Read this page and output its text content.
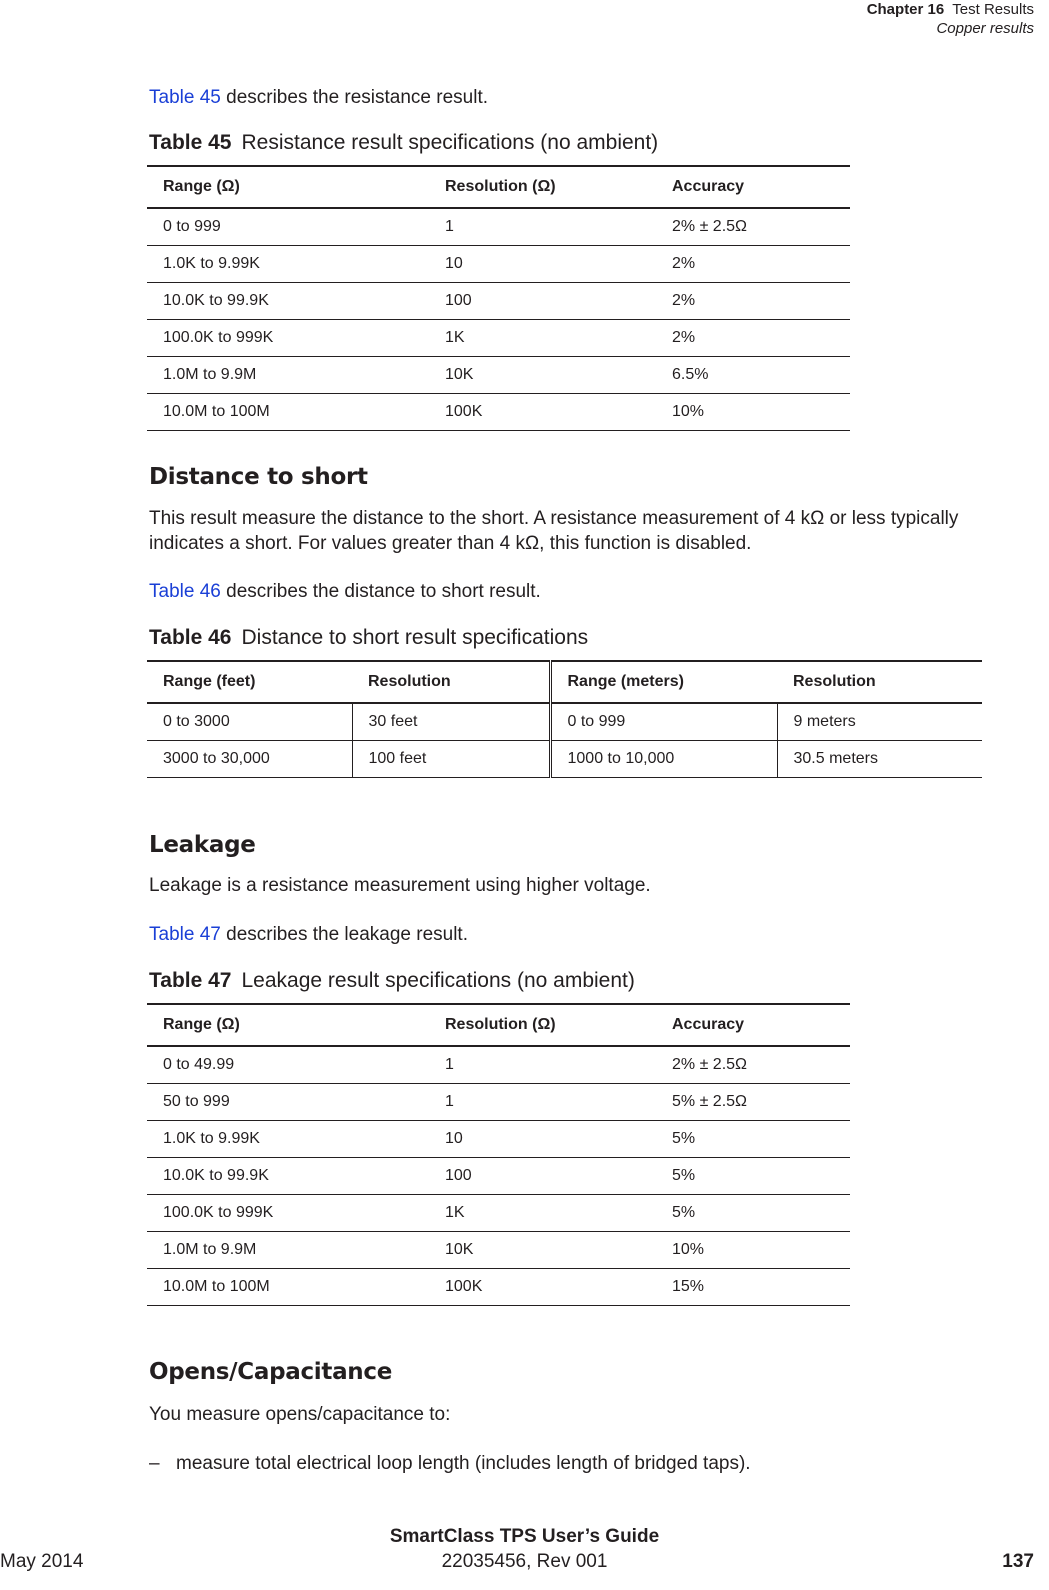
Chapter 16 Test Results
Copper results
Table 45 describes the resistance result.
Table 45 Resistance result specifications (no ambient)
Range (Ω)	Resolution (Ω)	Accuracy
0 to 999	1	2% ± 2.5Ω
1.0K to 9.99K	10	2%
10.0K to 99.9K	100	2%
100.0K to 999K	1K	2%
1.0M to 9.9M	10K	6.5%
10.0M to 100M	100K	10%
Distance to short
This result measure the distance to the short. A resistance measurement of 4 kΩ or less typically indicates a short. For values greater than 4 kΩ, this function is disabled.
Table 46 describes the distance to short result.
Table 46 Distance to short result specifications
Range (feet)	Resolution	Range (meters)	Resolution
0 to 3000	30 feet	0 to 999	9 meters
3000 to 30,000	100 feet	1000 to 10,000	30.5 meters
Leakage
Leakage is a resistance measurement using higher voltage.
Table 47 describes the leakage result.
Table 47 Leakage result specifications (no ambient)
Range (Ω)	Resolution (Ω)	Accuracy
0 to 49.99	1	2% ± 2.5Ω
50 to 999	1	5% ± 2.5Ω
1.0K to 9.99K	10	5%
10.0K to 99.9K	100	5%
100.0K to 999K	1K	5%
1.0M to 9.9M	10K	10%
10.0M to 100M	100K	15%
Opens/Capacitance
You measure opens/capacitance to:
– measure total electrical loop length (includes length of bridged taps).
SmartClass TPS User’s Guide
May 2014	22035456, Rev 001	137
